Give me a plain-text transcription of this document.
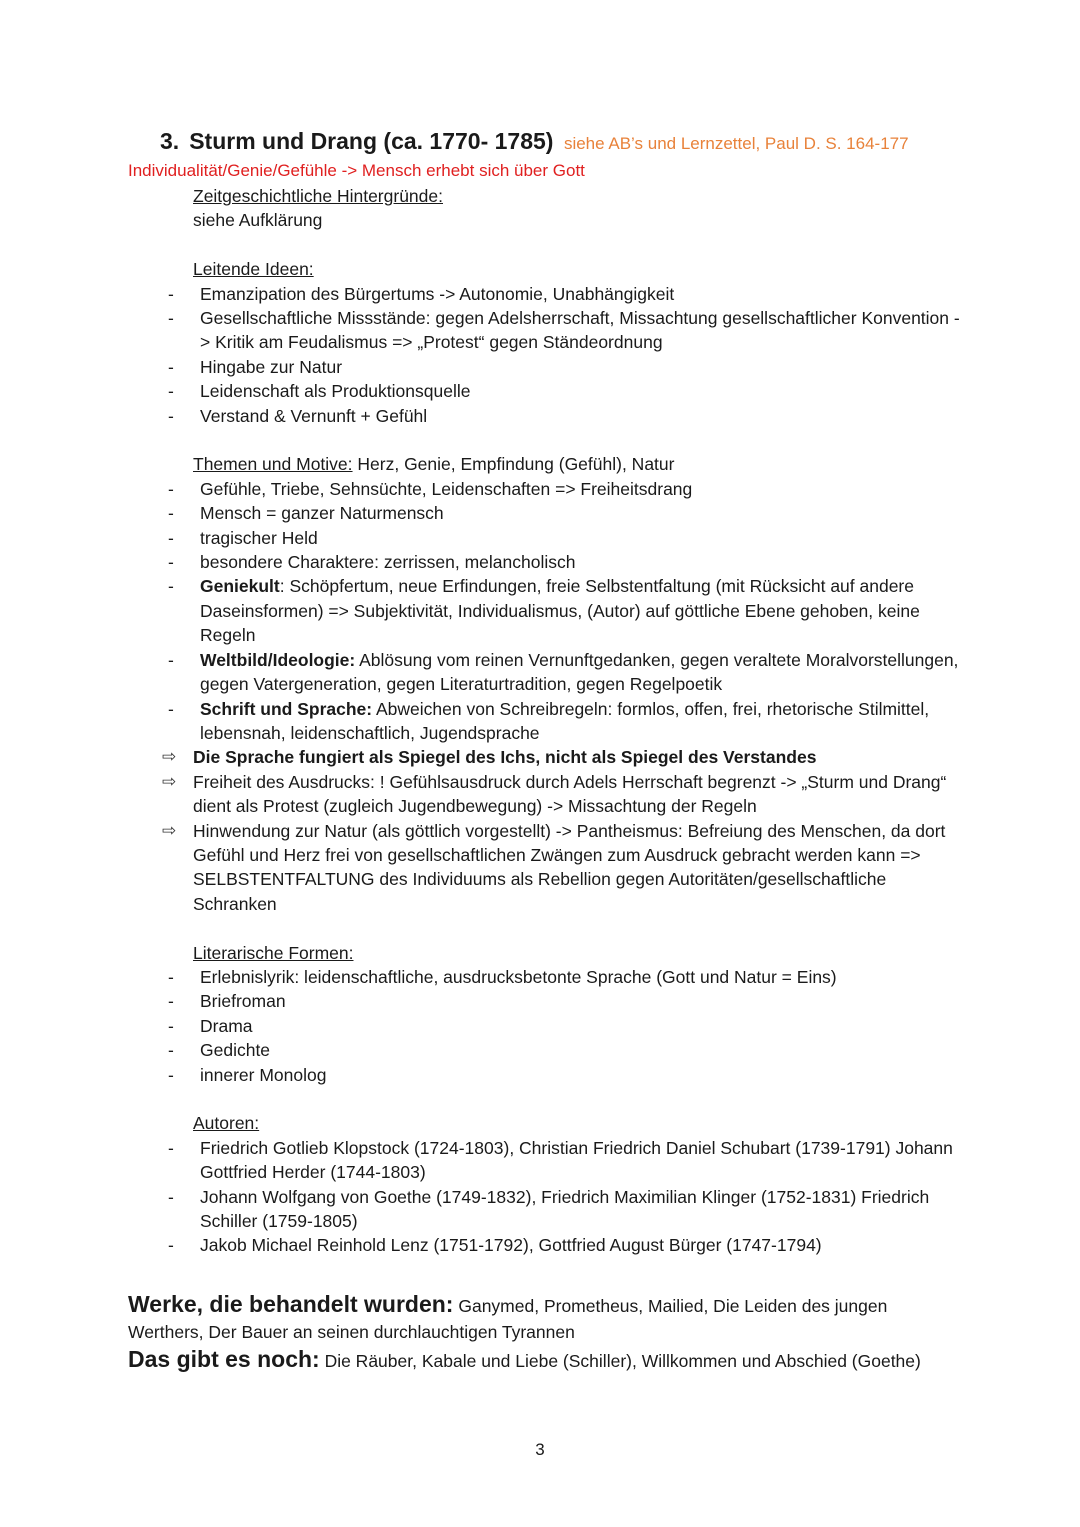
3. Sturm und Drang (ca. 1770- 1785) siehe AB’s und Lernzettel, Paul D. S. 164-177
Individualität/Genie/Gefühle -> Mensch erhebt sich über Gott
Zeitgeschichtliche Hintergründe:
siehe Aufklärung
Leitende Ideen:
- Emanzipation des Bürgertums -> Autonomie, Unabhängigkeit
- Gesellschaftliche Missstände: gegen Adelsherrschaft, Missachtung gesellschaftlicher Konvention -> Kritik am Feudalismus => „Protest“ gegen Ständeordnung
- Hingabe zur Natur
- Leidenschaft als Produktionsquelle
- Verstand & Vernunft + Gefühl
Themen und Motive: Herz, Genie, Empfindung (Gefühl), Natur
- Gefühle, Triebe, Sehnsüchte, Leidenschaften => Freiheitsdrang
- Mensch = ganzer Naturmensch
- tragischer Held
- besondere Charaktere: zerrissen, melancholisch
- Geniekult: Schöpfertum, neue Erfindungen, freie Selbstentfaltung (mit Rücksicht auf andere Daseinsformen) => Subjektivität, Individualismus, (Autor) auf göttliche Ebene gehoben, keine Regeln
- Weltbild/Ideologie: Ablösung vom reinen Vernunftgedanken, gegen veraltete Moralvorstellungen, gegen Vatergeneration, gegen Literaturtradition, gegen Regelpoetik
- Schrift und Sprache: Abweichen von Schreibregeln: formlos, offen, frei, rhetorische Stilmittel, lebensnah, leidenschaftlich, Jugendsprache
⇨ Die Sprache fungiert als Spiegel des Ichs, nicht als Spiegel des Verstandes
⇨ Freiheit des Ausdrucks: ! Gefühlsausdruck durch Adels Herrschaft begrenzt -> „Sturm und Drang“ dient als Protest (zugleich Jugendbewegung) -> Missachtung der Regeln
⇨ Hinwendung zur Natur (als göttlich vorgestellt) -> Pantheismus: Befreiung des Menschen, da dort Gefühl und Herz frei von gesellschaftlichen Zwängen zum Ausdruck gebracht werden kann => SELBSTENTFALTUNG des Individuums als Rebellion gegen Autoritäten/gesellschaftliche Schranken
Literarische Formen:
- Erlebnislyrik: leidenschaftliche, ausdrucksbetonte Sprache (Gott und Natur = Eins)
- Briefroman
- Drama
- Gedichte
- innerer Monolog
Autoren:
- Friedrich Gotlieb Klopstock (1724-1803), Christian Friedrich Daniel Schubart (1739-1791) Johann Gottfried Herder (1744-1803)
- Johann Wolfgang von Goethe (1749-1832), Friedrich Maximilian Klinger (1752-1831) Friedrich Schiller (1759-1805)
- Jakob Michael Reinhold Lenz (1751-1792), Gottfried August Bürger (1747-1794)
Werke, die behandelt wurden: Ganymed, Prometheus, Mailied, Die Leiden des jungen Werthers, Der Bauer an seinen durchlauchtigen Tyrannen
Das gibt es noch: Die Räuber, Kabale und Liebe (Schiller), Willkommen und Abschied (Goethe)
3
